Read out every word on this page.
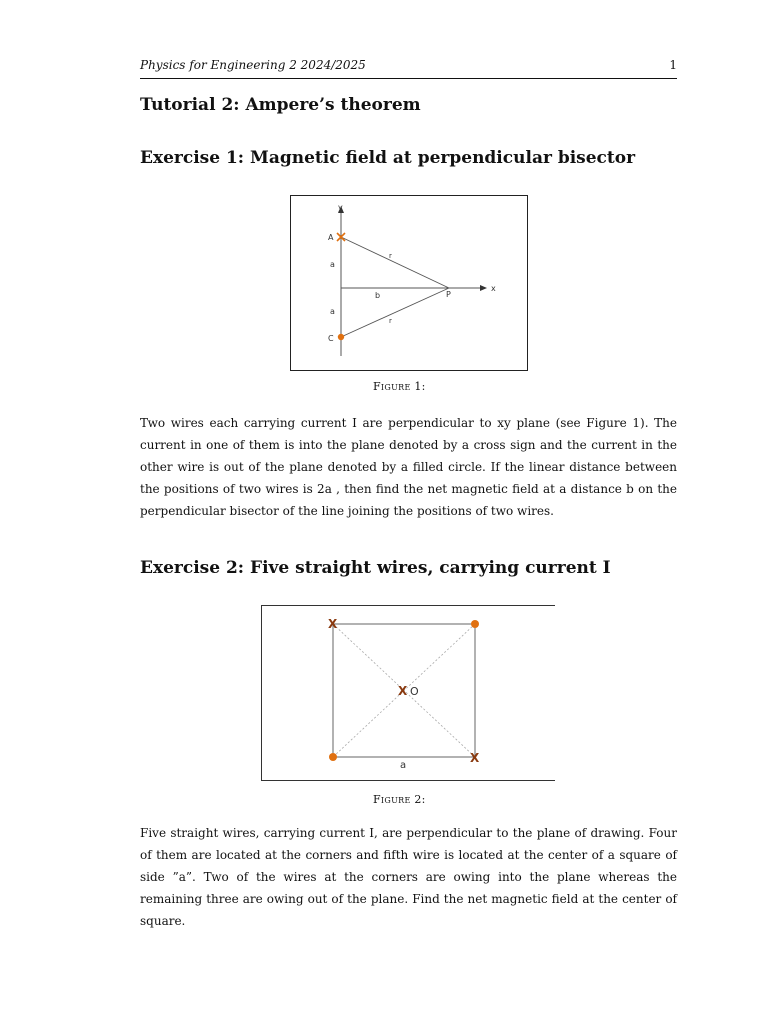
Physics for Engineering 2 2024/2025	1
Tutorial 2: Ampere’s theorem
Exercise 1: Magnetic field at perpendicular bisector
y
x
A
C
P
a
a
b
r
r
Figure 1:

Two wires each carrying current I are perpendicular to xy plane (see Figure 1). The current in one of them is into the plane denoted by a cross sign and the current in the other wire is out of the plane denoted by a filled circle. If the linear distance between the positions of two wires is 2a , then find the net magnetic field at a distance b on the perpendicular bisector of the line joining the positions of two wires.

Exercise 2: Five straight wires, carrying current I
X
X
X O
a
Figure 2:

Five straight wires, carrying current I, are perpendicular to the plane of drawing. Four of them are located at the corners and fifth wire is located at the center of a square of side ”a”. Two of the wires at the corners are owing into the plane whereas the remaining three are owing out of the plane. Find the net magnetic field at the center of square.
